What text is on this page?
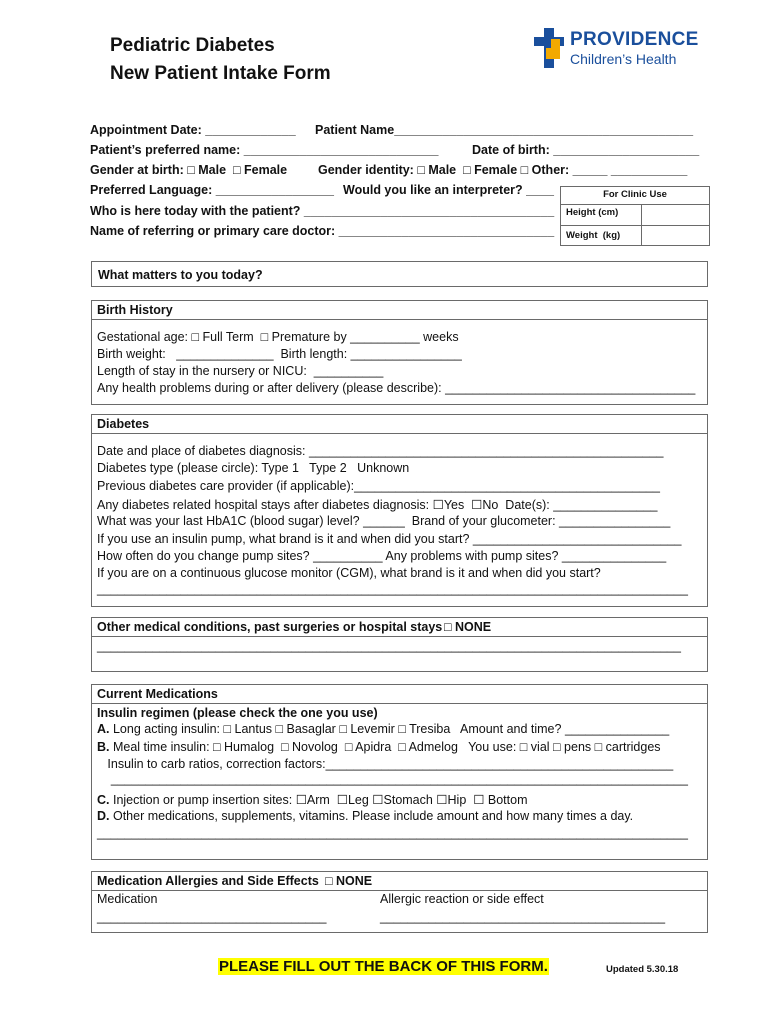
Pediatric Diabetes
New Patient Intake Form
PROVIDENCE
Children’s Health
Appointment Date: _____________ Patient Name___________________________________________
Patient’s preferred name: ____________________________	Date of birth: _____________________
Gender at birth: □ Male  □ Female Gender identity: □ Male  □ Female □ Other: _____ ___________
Preferred Language: _________________ Would you like an interpreter? ____
Who is here today with the patient? ____________________________________
Name of referring or primary care doctor: _______________________________
For Clinic Use
Height (cm)
Weight  (kg)
What matters to you today?
Birth History
Gestational age: □ Full Term  □ Premature by __________ weeks
Birth weight:   ______________  Birth length: ________________
Length of stay in the nursery or NICU:  __________
Any health problems during or after delivery (please describe): ____________________________________
Diabetes
Date and place of diabetes diagnosis: ___________________________________________________
Diabetes type (please circle): Type 1   Type 2   Unknown
Previous diabetes care provider (if applicable):____________________________________________
Any diabetes related hospital stays after diabetes diagnosis: ☐Yes  ☐No  Date(s): _______________
What was your last HbA1C (blood sugar) level? ______  Brand of your glucometer: ________________
If you use an insulin pump, what brand is it and when did you start? ______________________________
How often do you change pump sites? __________ Any problems with pump sites? _______________
If you are on a continuous glucose monitor (CGM), what brand is it and when did you start?
_____________________________________________________________________________________
Other medical conditions, past surgeries or hospital stays □ NONE
____________________________________________________________________________________
Current Medications
Insulin regimen (please check the one you use)
A. Long acting insulin: □ Lantus □ Basaglar □ Levemir □ Tresiba   Amount and time? _______________
B. Meal time insulin: □ Humalog  □ Novolog  □ Apidra  □ Admelog   You use: □ vial □ pens □ cartridges
Insulin to carb ratios, correction factors:__________________________________________________
___________________________________________________________________________________
C. Injection or pump insertion sites: ☐Arm  ☐Leg ☐Stomach ☐Hip  ☐ Bottom
D. Other medications, supplements, vitamins. Please include amount and how many times a day.
_____________________________________________________________________________________
Medication Allergies and Side Effects □ NONE
Medication	Allergic reaction or side effect
_________________________________	_________________________________________
PLEASE FILL OUT THE BACK OF THIS FORM.	Updated 5.30.18
